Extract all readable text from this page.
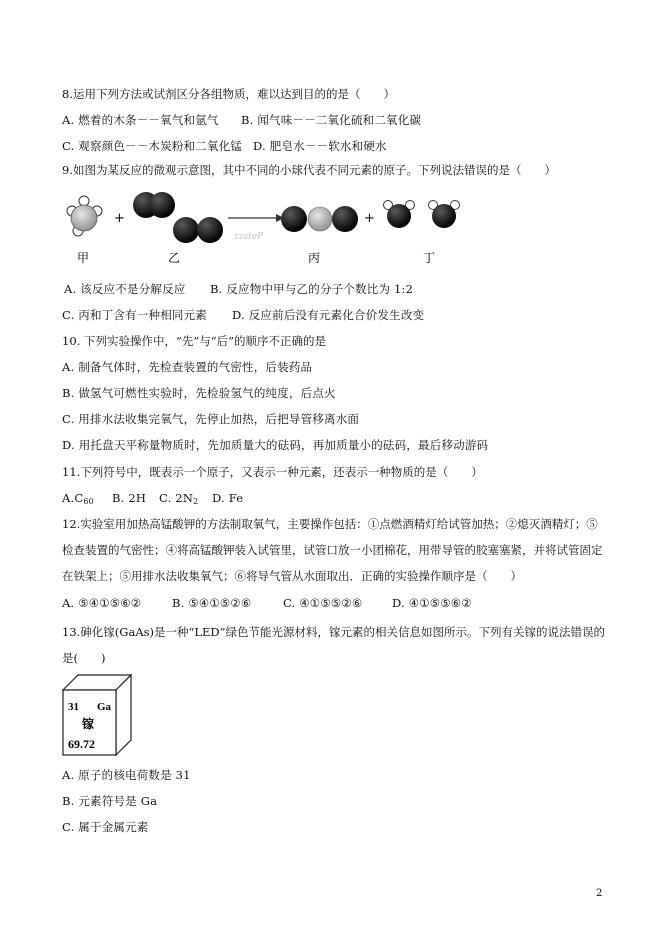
8.运用下列方法或试剂区分各组物质，难以达到目的的是（　　）
A. 燃着的木条－－氧气和氩气 B. 闻气味－－二氧化硫和二氧化碳
C. 观察颜色－－木炭粉和二氧化锰 D. 肥皂水－－软水和硬水
9.如图为某反应的微观示意图，其中不同的小球代表不同元素的原子。下列说法错误的是（　　）
+
zzsteP
+
甲	乙	丙	丁
A. 该反应不是分解反应 B. 反应物中甲与乙的分子个数比为 1:2
C. 丙和丁含有一种相同元素 D. 反应前后没有元素化合价发生改变
10. 下列实验操作中，“先”与“后”的顺序不正确的是
A. 制备气体时，先检查装置的气密性，后装药品
B. 做氢气可燃性实验时，先检验氢气的纯度，后点火
C. 用排水法收集完氧气，先停止加热，后把导管移离水面
D. 用托盘天平称量物质时，先加质量大的砝码，再加质量小的砝码，最后移动游码
11.下列符号中，既表示一个原子，又表示一种元素，还表示一种物质的是（　　）
$A.C_{60}$ B. 2H C. $2N_2$ D. Fe
12.实验室用加热高锰酸钾的方法制取氧气，主要操作包括：①点燃酒精灯给试管加热；②熄灭酒精灯；⑤
检查装置的气密性；④将高锰酸钾装入试管里，试管口放一小团棉花，用带导管的胶塞塞紧，并将试管固定
在铁架上；⑤用排水法收集氧气；⑥将导气管从水面取出．正确的实验操作顺序是（　　）
A. ⑤④①⑤⑥②	B. ⑤④①⑤②⑥	C. ④①⑤⑤②⑥	D. ④①⑤⑤⑥②
13.砷化镓(GaAs)是一种“LED”绿色节能光源材料，镓元素的相关信息如图所示。下列有关镓的说法错误的
是(　　)
31 Ga
镓
69.72
A. 原子的核电荷数是 31
B. 元素符号是 Ga
C. 属于金属元素
2
